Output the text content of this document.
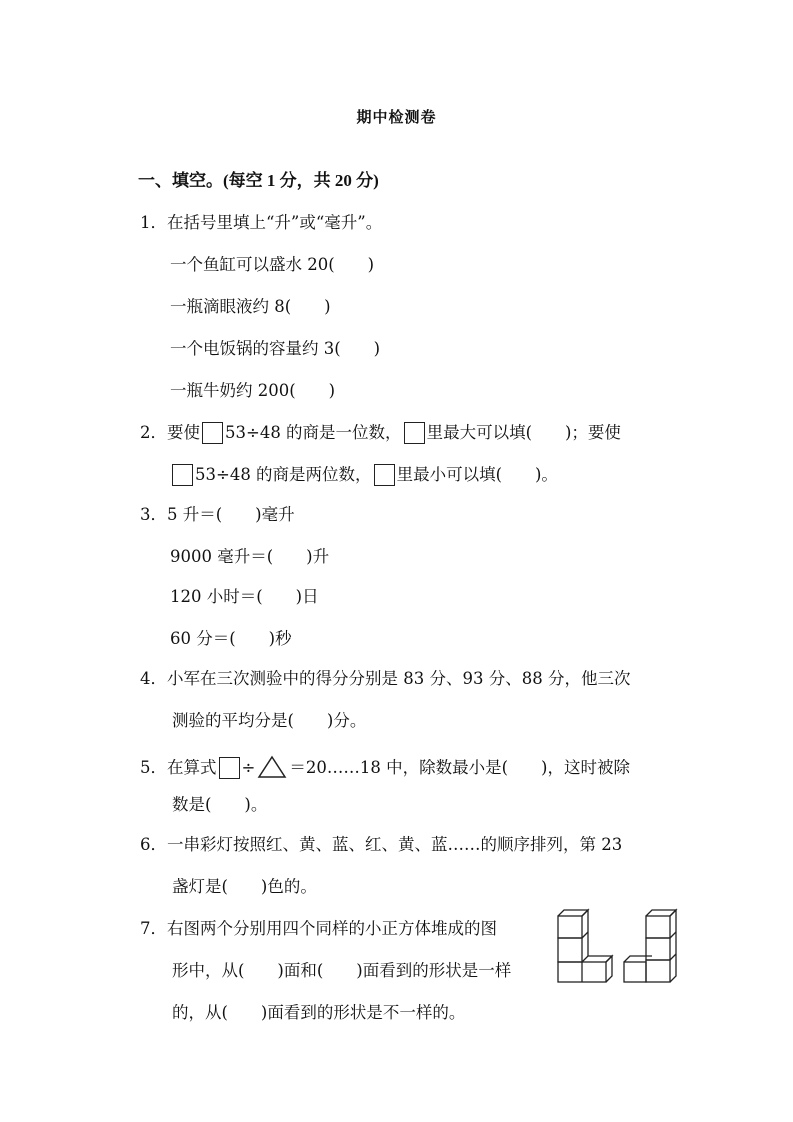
期中检测卷
一、填空。(每空 1 分，共 20 分)
1．在括号里填上“升”或“毫升”。
一个鱼缸可以盛水 20(　　)
一瓶滴眼液约 8(　　)
一个电饭锅的容量约 3(　　)
一瓶牛奶约 200(　　)
2．要使 53÷48 的商是一位数， 里最大可以填(　　)；要使
53÷48 的商是两位数， 里最小可以填(　　)。
3．5 升＝(　　)毫升
9000 毫升＝(　　)升
120 小时＝(　　)日
60 分＝(　　)秒
4．小军在三次测验中的得分分别是 83 分、93 分、88 分，他三次
测验的平均分是(　　)分。
5．在算式 ÷ ＝20……18 中，除数最小是(　　)，这时被除
数是(　　)。
6．一串彩灯按照红、黄、蓝、红、黄、蓝……的顺序排列，第 23
盏灯是(　　)色的。
7．右图两个分别用四个同样的小正方体堆成的图
形中，从(　　)面和(　　)面看到的形状是一样
的，从(　　)面看到的形状是不一样的。
